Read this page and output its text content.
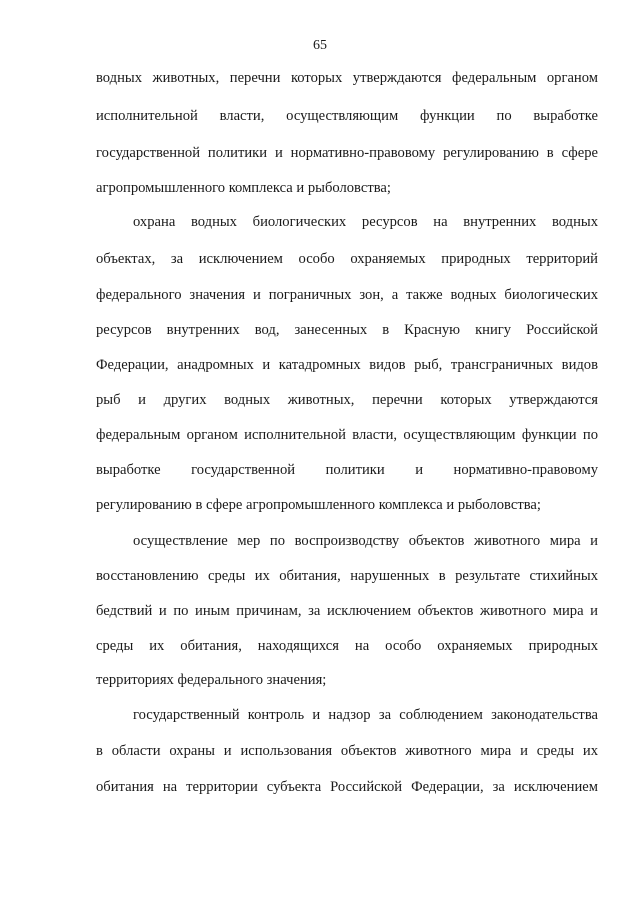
65
водных животных, перечни которых утверждаются федеральным органом
исполнительной власти, осуществляющим функции по выработке
государственной политики и нормативно-правовому регулированию в сфере
агропромышленного комплекса и рыболовства;
охрана водных биологических ресурсов на внутренних водных
объектах, за исключением особо охраняемых природных территорий
федерального значения и пограничных зон, а также водных биологических
ресурсов внутренних вод, занесенных в Красную книгу Российской
Федерации, анадромных и катадромных видов рыб, трансграничных видов
рыб и других водных животных, перечни которых утверждаются
федеральным органом исполнительной власти, осуществляющим функции по
выработке государственной политики и нормативно-правовому
регулированию в сфере агропромышленного комплекса и рыболовства;
осуществление мер по воспроизводству объектов животного мира и
восстановлению среды их обитания, нарушенных в результате стихийных
бедствий и по иным причинам, за исключением объектов животного мира и
среды их обитания, находящихся на особо охраняемых природных
территориях федерального значения;
государственный контроль и надзор за соблюдением законодательства
в области охраны и использования объектов животного мира и среды их
обитания на территории субъекта Российской Федерации, за исключением
